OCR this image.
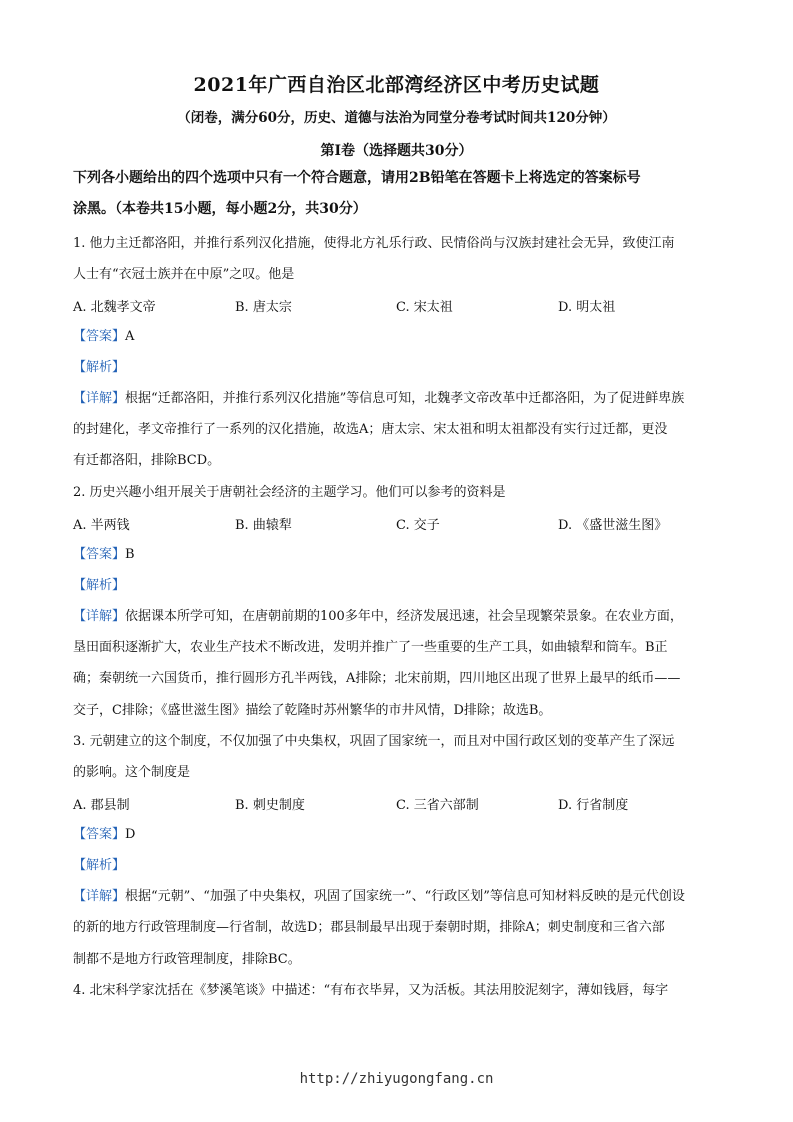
2021年广西自治区北部湾经济区中考历史试题
（闭卷，满分60分，历史、道德与法治为同堂分卷考试时间共120分钟）
第Ⅰ卷（选择题共30分）
下列各小题给出的四个选项中只有一个符合题意，请用2B铅笔在答题卡上将选定的答案标号
涂黑。（本卷共15小题，每小题2分，共30分）
1. 他力主迁都洛阳，并推行系列汉化措施，使得北方礼乐行政、民情俗尚与汉族封建社会无异，致使江南
人士有“衣冠士族并在中原”之叹。他是
A. 北魏孝文帝	B. 唐太宗	C. 宋太祖	D. 明太祖
【答案】A
【解析】
【详解】根据“迁都洛阳，并推行系列汉化措施”等信息可知，北魏孝文帝改革中迁都洛阳，为了促进鲜卑族
的封建化，孝文帝推行了一系列的汉化措施，故选A；唐太宗、宋太祖和明太祖都没有实行过迁都，更没
有迁都洛阳，排除BCD。
2. 历史兴趣小组开展关于唐朝社会经济的主题学习。他们可以参考的资料是
A. 半两钱	B. 曲辕犁	C. 交子	D. 《盛世滋生图》
【答案】B
【解析】
【详解】依据课本所学可知，在唐朝前期的100多年中，经济发展迅速，社会呈现繁荣景象。在农业方面，
垦田面积逐渐扩大，农业生产技术不断改进，发明并推广了一些重要的生产工具，如曲辕犁和筒车。B正
确；秦朝统一六国货币，推行圆形方孔半两钱，A排除；北宋前期，四川地区出现了世界上最早的纸币——
交子，C排除；《盛世滋生图》描绘了乾隆时苏州繁华的市井风情，D排除；故选B。
3. 元朝建立的这个制度，不仅加强了中央集权，巩固了国家统一，而且对中国行政区划的变革产生了深远
的影响。这个制度是
A. 郡县制	B. 刺史制度	C. 三省六部制	D. 行省制度
【答案】D
【解析】
【详解】根据“元朝”、“加强了中央集权，巩固了国家统一”、“行政区划”等信息可知材料反映的是元代创设
的新的地方行政管理制度—行省制，故选D；郡县制最早出现于秦朝时期，排除A；刺史制度和三省六部
制都不是地方行政管理制度，排除BC。
4. 北宋科学家沈括在《梦溪笔谈》中描述：“有布衣毕昇，又为活板。其法用胶泥刻字，薄如钱唇，每字
http://zhiyugongfang.cn
